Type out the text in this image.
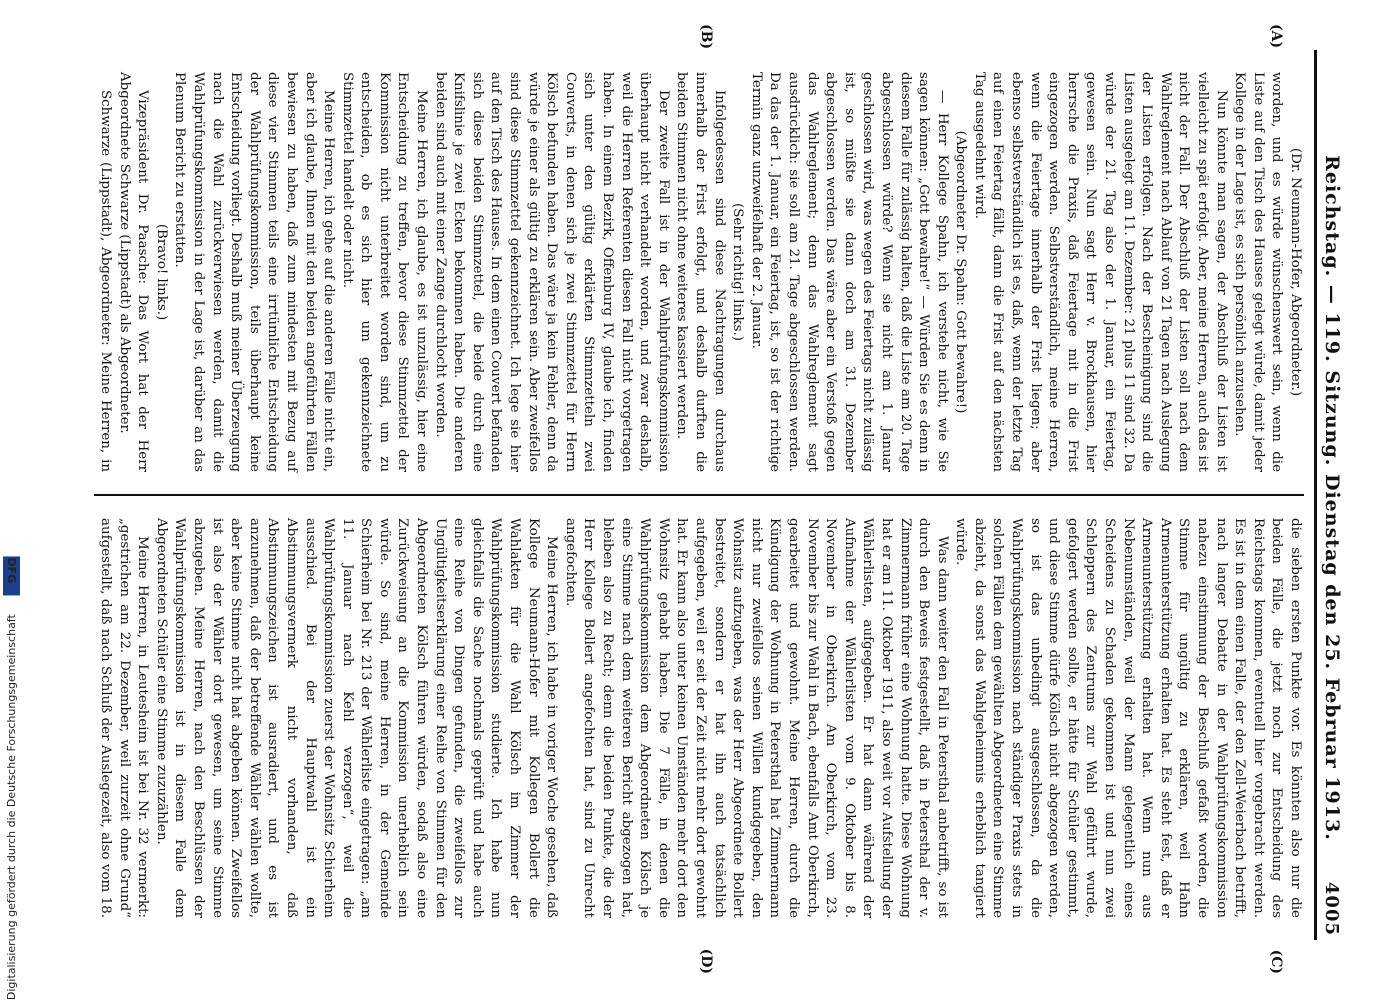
Digitalisierung gefördert durch die Deutsche Forschungsgemeinschaft DFG	Reichstag. — 119. Sitzung. Dienstag den 25. Februar 1913.
4005
(A)
(B)
(C)
(D)

(Dr. Neumann-Hofer, Abgeordneter.)

worden, und es würde wünschenswert sein, wenn die Liste auf den Tisch des Hauses gelegt würde, damit jeder Kollege in der Lage ist, es sich persönlich anzusehen.

Nun könnte man sagen, der Abschluß der Listen ist vielleicht zu spät erfolgt. Aber, meine Herren, auch das ist nicht der Fall. Der Abschluß der Listen soll nach dem Wahlreglement nach Ablauf von 21 Tagen nach Auslegung der Listen erfolgen. Nach der Bescheinigung sind die Listen ausgelegt am 11. Dezember: 21 plus 11 sind 32. Da würde der 21. Tag also der 1. Januar, ein Feiertag, gewesen sein. Nun sagt Herr v. Brockhausen, hier herrsche die Praxis, daß Feiertage mit in die Frist eingezogen werden. Selbstverständlich, meine Herren, wenn die Feiertage innerhalb der Frist liegen; aber ebenso selbstverständlich ist es, daß, wenn der letzte Tag auf einen Feiertag fällt, dann die Frist auf den nächsten Tag ausgedehnt wird.

(Abgeordneter Dr. Spahn: Gott bewahre!)

— Herr Kollege Spahn, ich verstehe nicht, wie Sie sagen können: „Gott bewahre!“ — Würden Sie es denn in diesem Falle für zulässig halten, daß die Liste am 20. Tage abgeschlossen würde? Wenn sie nicht am 1. Januar geschlossen wird, was wegen des Feiertags nicht zulässig ist, so müßte sie dann doch am 31. Dezember abgeschlossen werden. Das wäre aber ein Verstoß gegen das Wahlreglement; denn das Wahlreglement sagt ausdrücklich: sie soll am 21. Tage abgeschlossen werden. Da das der 1. Januar, ein Feiertag, ist, so ist der richtige Termin ganz unzweifelhaft der 2. Januar.

(Sehr richtig! links.)

Infolgedessen sind diese Nachtragungen durchaus innerhalb der Frist erfolgt, und deshalb durften die beiden Stimmen nicht ohne weiteres kassiert werden.

Der zweite Fall ist in der Wahlprüfungskommission überhaupt nicht verhandelt worden, und zwar deshalb, weil die Herren Referenten diesen Fall nicht vorgetragen haben. In einem Bezirk, Offenburg IV, glaube ich, finden sich unter den gültig erklärten Stimmzetteln zwei Couverts, in denen sich je zwei Stimmzettel für Herrn Kölsch befunden haben. Das wäre ja kein Fehler, denn da würde je einer als gültig zu erklären sein. Aber zweifellos sind diese Stimmzettel gekennzeichnet. Ich lege sie hier auf den Tisch des Hauses. In dem einen Couvert befanden sich diese beiden Stimmzettel, die beide durch eine Knifslinie je zwei Ecken bekommen haben. Die anderen beiden sind auch mit einer Zange durchlocht worden.

Meine Herren, ich glaube, es ist unzulässig, hier eine Entscheidung zu treffen, bevor diese Stimmzettel der Kommission nicht unterbreitet worden sind, um zu entscheiden, ob es sich hier um gekennzeichnete Stimmzettel handelt oder nicht.

Meine Herren, ich gehe auf die anderen Fälle nicht ein, aber ich glaube, Ihnen mit den beiden angeführten Fällen bewiesen zu haben, daß zum mindesten mit Bezug auf diese vier Stimmen teils eine irrtümliche Entscheidung der Wahlprüfungskommission, teils überhaupt keine Entscheidung vorliegt. Deshalb muß meiner Überzeugung nach die Wahl zurückverwiesen werden, damit die Wahlprüfungskommission in der Lage ist, darüber an das Plenum Bericht zu erstatten.

(Bravo! links.)

Vizepräsident Dr. Paasche: Das Wort hat der Herr Abgeordnete Schwarze (Lippstadt) als Abgeordneter.

Schwarze (Lippstadt), Abgeordneter: Meine Herren, in

die sieben ersten Punkte vor. Es könnten also nur die beiden Fälle, die jetzt noch zur Entscheidung des Reichstags kommen, eventuell hier vorgebracht werden. Es ist in dem einen Falle, der den Zell-Weierbach betrifft, nach langer Debatte in der Wahlprüfungskommission nahezu einstimmung der Beschluß gefaßt worden, die Stimme für ungültig zu erklären, weil Hahn Armenunterstützung erhalten hat. Es steht fest, daß er Armenunterstützung erhalten hat. Wenn nun aus Nebenumständen, weil der Mann gelegentlich eines Scheidens zu Schaden gekommen ist und nun zwei Schleppern des Zentrums zur Wahl geführt wurde, gefolgert werden sollte, er hätte für Schüler gestimmt, und diese Stimme dürfe Kölsch nicht abgezogen werden, so ist das unbedingt ausgeschlossen, da die Wahlprüfungskommission nach ständiger Praxis stets in solchen Fällen dem gewählten Abgeordneten eine Stimme abzieht, da sonst das Wahlgeheimnis erheblich tangiert würde.

Was dann weiter den Fall in Petersthal anbetrifft, so ist durch den Beweis festgestellt, daß in Petersthal der v. Zimmermann früher eine Wohnung hatte. Diese Wohnung hat er am 11. Oktober 1911, also weit vor Aufstellung der Wählerlisten, aufgegeben. Er hat dann während der Aufnahme der Wählerlisten vom 9. Oktober bis 8. November in Oberkirch. Am Oberkirch, vom 23. November bis zur Wahl in Bach, ebenfalls Amt Oberkirch, gearbeitet und gewohnt. Meine Herren, durch die Kündigung der Wohnung in Petersthal hat Zimmermann nicht nur zweifellos seinen Willen kundgegeben, den Wohnsitz aufzugeben, was der Herr Abgeordnete Bollert bestreitet, sondern er hat ihn auch tatsächlich aufgegeben, weil er seit der Zeit nicht mehr dort gewohnt hat. Er kann also unter keinen Umständen mehr dort den Wohnsitz gehabt haben. Die 7 Fälle, in denen die Wahlprüfungskommission dem Abgeordneten Kölsch je eine Stimme nach dem weiteren Bericht abgezogen hat, bleiben also zu Recht; denn die beiden Punkte, die der Herr Kollege Bollert angefochten hat, sind zu Unrecht angefochten.

Meine Herren, ich habe in voriger Woche gesehen, daß Kollege Neumann-Hofer mit Kollegen Bollert die Wahlakten für die Wahl Kölsch im Zimmer der Wahlprüfungskommission studierte. Ich habe nun gleichfalls die Sache nochmals geprüft und habe auch eine Reihe von Dingen gefunden, die zweifellos zur Ungültigkeitserklärung einer Reihe von Stimmen für den Abgeordneten Kölsch führen würden, sodaß also eine Zurückweisung an die Kommission unerheblich sein würde. So sind, meine Herren, in der Gemeinde Schierheim bei Nr. 213 der Wählerliste eingetragen: „am 11. Januar nach Kehl verzogen“, weil die Wahlprüfungskommission zuerst der Wohnsitz Schierheim ausschied. Bei der Hauptwahl ist ein Abstimmungsvermerk nicht vorhanden, daß Abstimmungszeichen ist ausradiert, und es ist anzunehmen, daß der betreffende Wähler wählen wollte, aber keine Stimme nicht hat abgeben können. Zweifellos ist also der Wähler dort gewesen, um seine Stimme abzugeben. Meine Herren, nach den Beschlüssen der Wahlprüfungskommission ist in diesem Falle dem Abgeordneten Schüler eine Stimme zuzuzählen.

Meine Herren, in Leutesheim ist bei Nr. 32 vermerkt: „gestrichen am 22. Dezember, weil zurzeit ohne Grund“ aufgestellt, daß nach Schluß der Auslegezeit, also vom 18.
